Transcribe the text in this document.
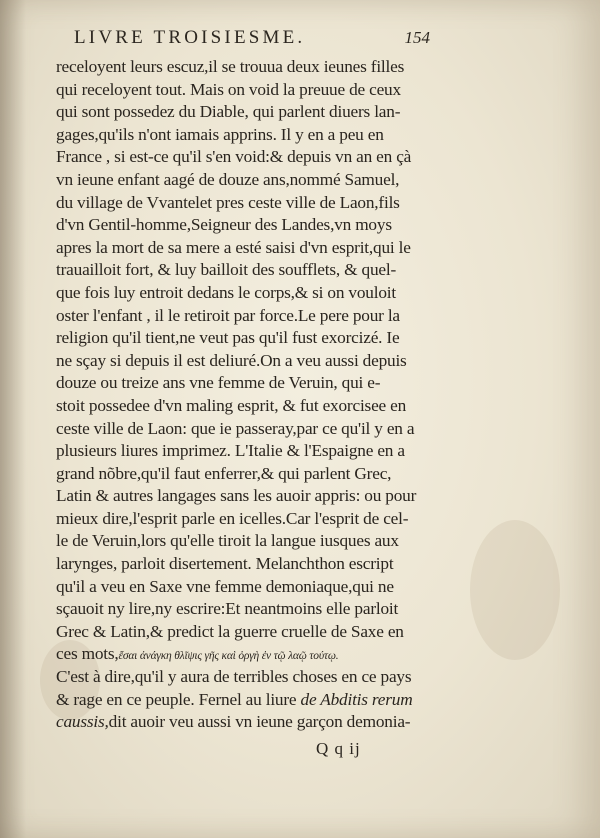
LIVRE TROISIESME.	154
receloyent leurs escuz,il se trouua deux ieunes filles
qui receloyent tout. Mais on void la preuue de ceux
qui sont possedez du Diable, qui parlent diuers lan-
gages,qu'ils n'ont iamais apprins. Il y en a peu en
France , si est-ce qu'il s'en void:& depuis vn an en çà
vn ieune enfant aagé de douze ans,nommé Samuel,
du village de Vvantelet pres ceste ville de Laon,fils
d'vn Gentil-homme,Seigneur des Landes,vn moys
apres la mort de sa mere a esté saisi d'vn esprit,qui le
trauailloit fort, & luy bailloit des soufflets, & quel-
que fois luy entroit dedans le corps,& si on vouloit
oster l'enfant , il le retiroit par force.Le pere pour la
religion qu'il tient,ne veut pas qu'il fust exorcizé. Ie
ne sçay si depuis il est deliuré.On a veu aussi depuis
douze ou treize ans vne femme de Veruin, qui e-
stoit possedee d'vn maling esprit, & fut exorcisee en
ceste ville de Laon: que ie passeray,par ce qu'il y en a
plusieurs liures imprimez. L'Italie & l'Espaigne en a
grand nõbre,qu'il faut enferrer,& qui parlent Grec,
Latin & autres langages sans les auoir appris: ou pour
mieux dire,l'esprit parle en icelles.Car l'esprit de cel-
le de Veruin,lors qu'elle tiroit la langue iusques aux
larynges, parloit disertement. Melanchthon escript
qu'il a veu en Saxe vne femme demoniaque,qui ne
sçauoit ny lire,ny escrire:Et neantmoins elle parloit
Grec & Latin,& predict la guerre cruelle de Saxe en
ces mots,ἔσαι ἀνάγκη θλῖψις γῆς καὶ ὀργὴ ἐν τῷ λαῷ τούτῳ.
C'est à dire,qu'il y aura de terribles choses en ce pays
& rage en ce peuple. Fernel au liure de Abditis rerum
caussis,dit auoir veu aussi vn ieune garçon demonia-
Q q ij
